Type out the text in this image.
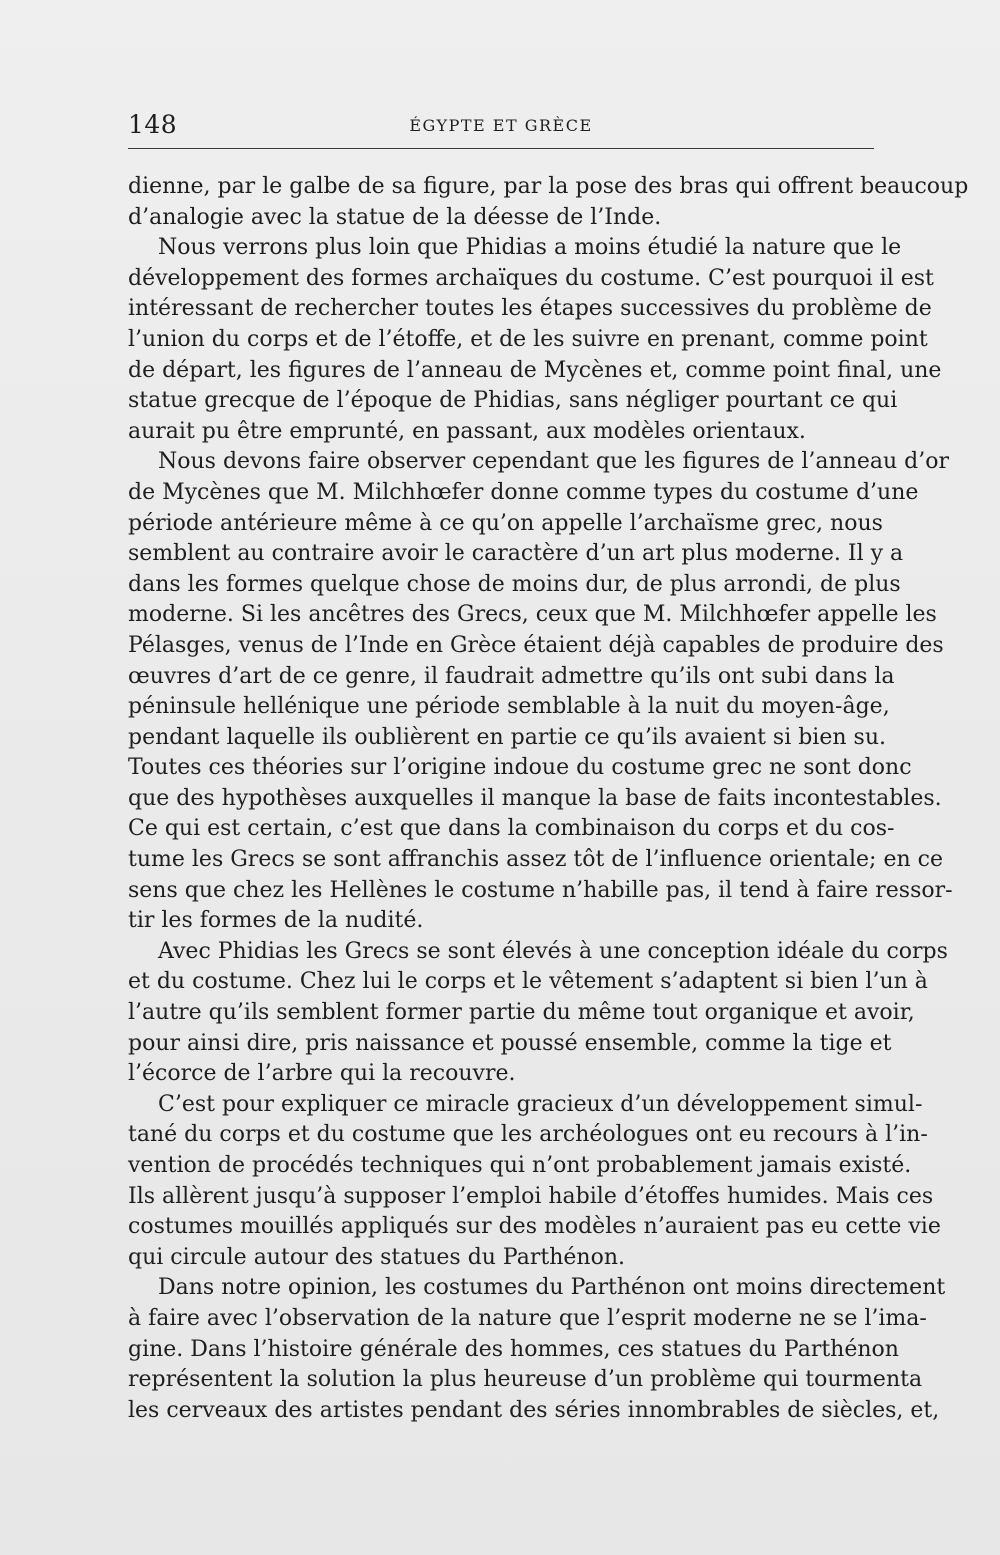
148	ÉGYPTE ET GRÈCE
dienne, par le galbe de sa figure, par la pose des bras qui offrent beaucoup
d’analogie avec la statue de la déesse de l’Inde.
Nous verrons plus loin que Phidias a moins étudié la nature que le
développement des formes archaïques du costume. C’est pourquoi il est
intéressant de rechercher toutes les étapes successives du problème de
l’union du corps et de l’étoffe, et de les suivre en prenant, comme point
de départ, les figures de l’anneau de Mycènes et, comme point final, une
statue grecque de l’époque de Phidias, sans négliger pourtant ce qui
aurait pu être emprunté, en passant, aux modèles orientaux.
Nous devons faire observer cependant que les figures de l’anneau d’or
de Mycènes que M. Milchhœfer donne comme types du costume d’une
période antérieure même à ce qu’on appelle l’archaïsme grec, nous
semblent au contraire avoir le caractère d’un art plus moderne. Il y a
dans les formes quelque chose de moins dur, de plus arrondi, de plus
moderne. Si les ancêtres des Grecs, ceux que M. Milchhœfer appelle les
Pélasges, venus de l’Inde en Grèce étaient déjà capables de produire des
œuvres d’art de ce genre, il faudrait admettre qu’ils ont subi dans la
péninsule hellénique une période semblable à la nuit du moyen-âge,
pendant laquelle ils oublièrent en partie ce qu’ils avaient si bien su.
Toutes ces théories sur l’origine indoue du costume grec ne sont donc
que des hypothèses auxquelles il manque la base de faits incontestables.
Ce qui est certain, c’est que dans la combinaison du corps et du cos-
tume les Grecs se sont affranchis assez tôt de l’influence orientale; en ce
sens que chez les Hellènes le costume n’habille pas, il tend à faire ressor-
tir les formes de la nudité.
Avec Phidias les Grecs se sont élevés à une conception idéale du corps
et du costume. Chez lui le corps et le vêtement s’adaptent si bien l’un à
l’autre qu’ils semblent former partie du même tout organique et avoir,
pour ainsi dire, pris naissance et poussé ensemble, comme la tige et
l’écorce de l’arbre qui la recouvre.
C’est pour expliquer ce miracle gracieux d’un développement simul-
tané du corps et du costume que les archéologues ont eu recours à l’in-
vention de procédés techniques qui n’ont probablement jamais existé.
Ils allèrent jusqu’à supposer l’emploi habile d’étoffes humides. Mais ces
costumes mouillés appliqués sur des modèles n’auraient pas eu cette vie
qui circule autour des statues du Parthénon.
Dans notre opinion, les costumes du Parthénon ont moins directement
à faire avec l’observation de la nature que l’esprit moderne ne se l’ima-
gine. Dans l’histoire générale des hommes, ces statues du Parthénon
représentent la solution la plus heureuse d’un problème qui tourmenta
les cerveaux des artistes pendant des séries innombrables de siècles, et,
